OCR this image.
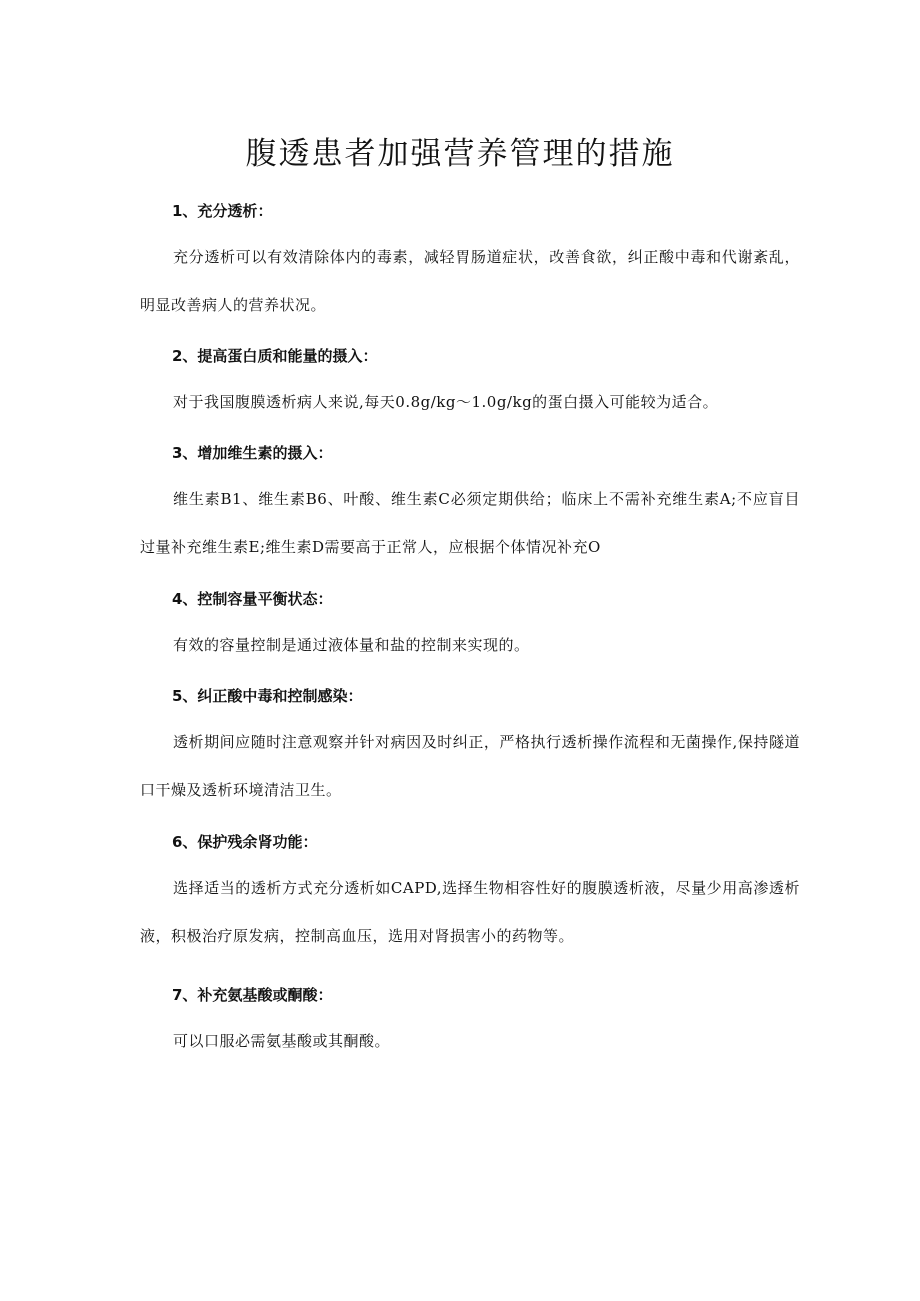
腹透患者加强营养管理的措施
1、充分透析：
充分透析可以有效清除体内的毒素，减轻胃肠道症状，改善食欲，纠正酸中毒和代谢紊乱，明显改善病人的营养状况。
2、提高蛋白质和能量的摄入：
对于我国腹膜透析病人来说,每天0.8g/kg～1.0g/kg的蛋白摄入可能较为适合。
3、增加维生素的摄入：
维生素B1、维生素B6、叶酸、维生素C必须定期供给；临床上不需补充维生素A;不应盲目过量补充维生素E;维生素D需要高于正常人，应根据个体情况补充O
4、控制容量平衡状态：
有效的容量控制是通过液体量和盐的控制来实现的。
5、纠正酸中毒和控制感染：
透析期间应随时注意观察并针对病因及时纠正，严格执行透析操作流程和无菌操作,保持隧道口干燥及透析环境清洁卫生。
6、保护残余肾功能：
选择适当的透析方式充分透析如CAPD,选择生物相容性好的腹膜透析液，尽量少用高渗透析液，积极治疗原发病，控制高血压，选用对肾损害小的药物等。
7、补充氨基酸或酮酸：
可以口服必需氨基酸或其酮酸。
